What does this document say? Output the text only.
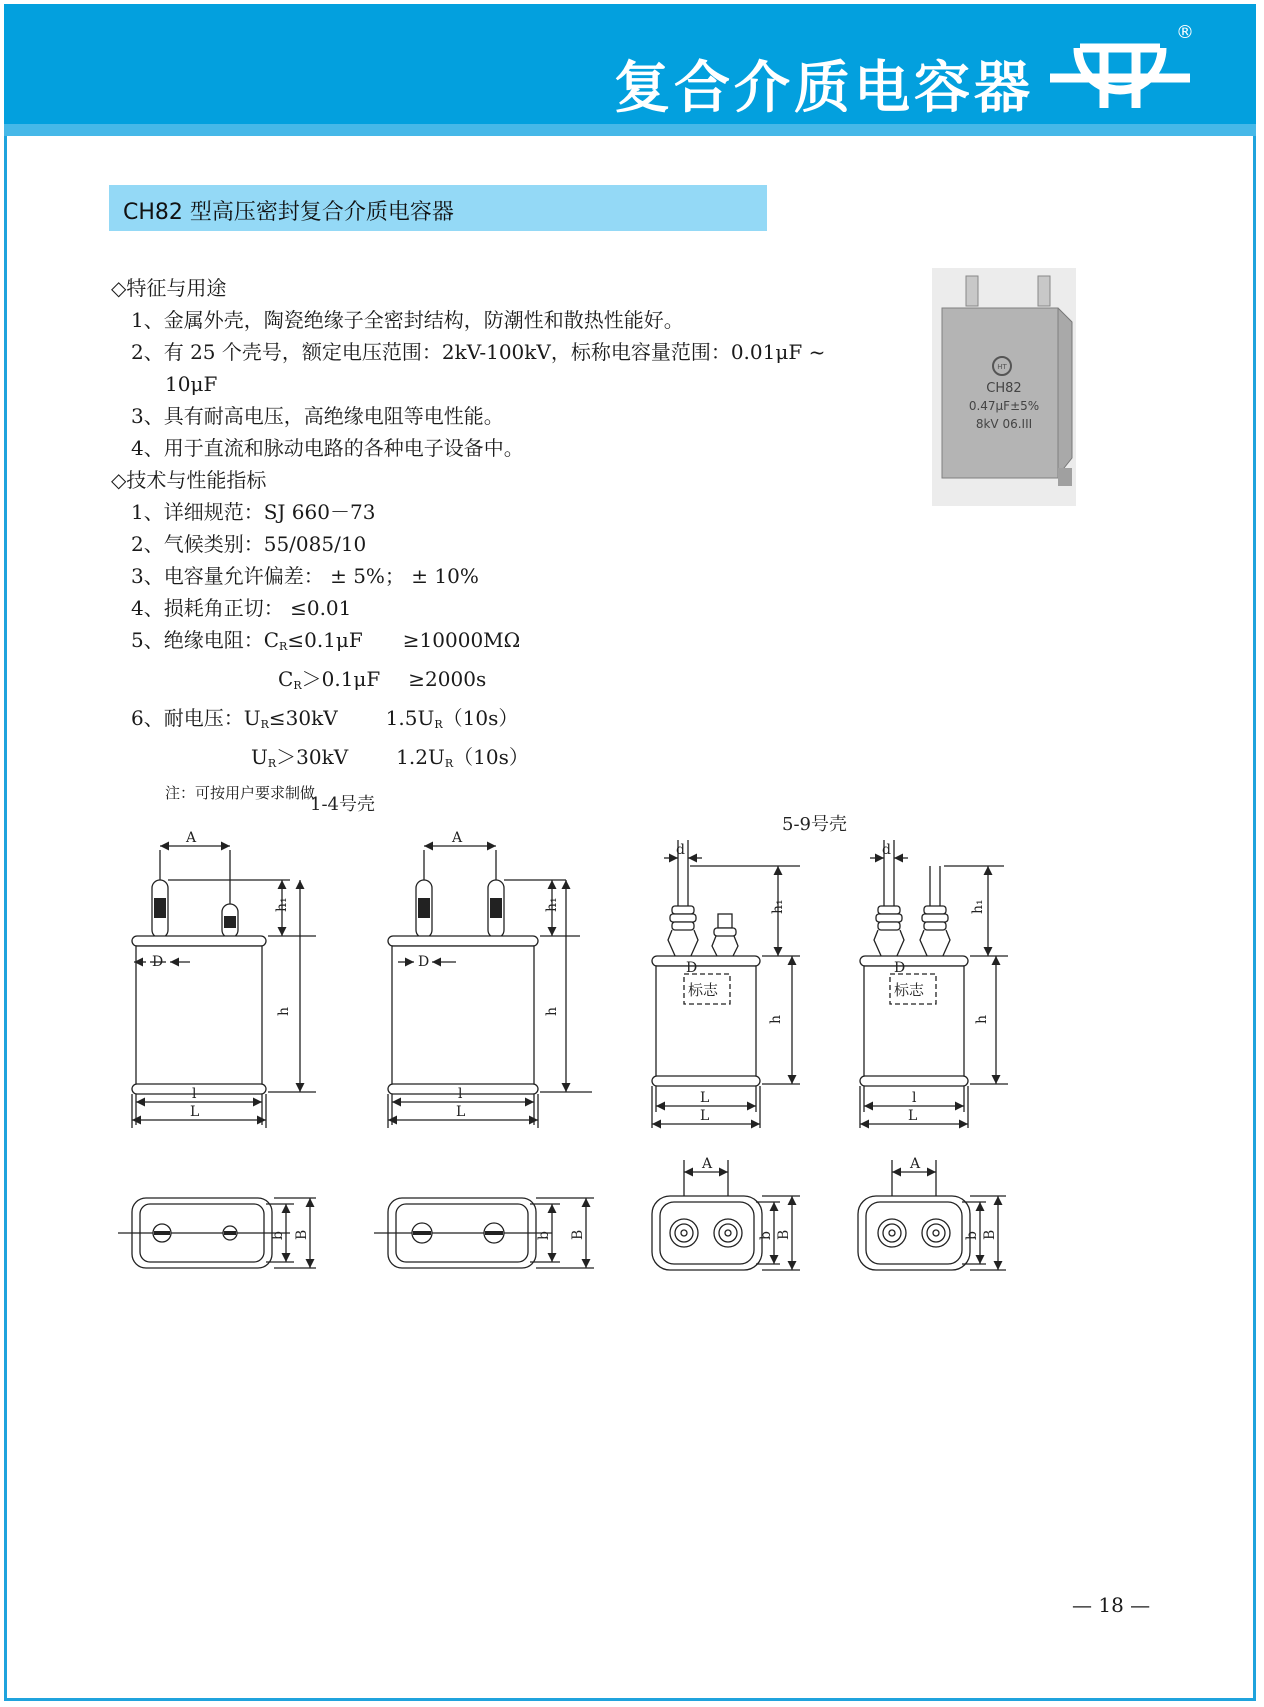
复合介质电容器
®
CH82 型高压密封复合介质电容器
HT
CH82
0.47μF±5%
8kV 06.III
◇特征与用途
1、金属外壳，陶瓷绝缘子全密封结构，防潮性和散热性能好。
2、有 25 个壳号，额定电压范围：2kV-100kV，标称电容量范围：0.01μF ~
10μF
3、具有耐高电压，高绝缘电阻等电性能。
4、用于直流和脉动电路的各种电子设备中。
◇技术与性能指标
1、详细规范：SJ 660－73
2、气候类别：55/085/10
3、电容量允许偏差： ± 5%； ± 10%
4、损耗角正切： ≤0.01
5、绝缘电阻：$C_R\le 0.1\mu F \ge 10000M\Omega$
$C_R>0.1\mu F \ge 2000s$
6、耐电压：$U_R\le 30kV$ $1.5U_R(10s)$
$U_R>30kV$ $1.2U_R(10s)$
注：可按用户要求制做
1-4号壳
5-9号壳
A
h₁
h
D
l
L
A
h₁
h
D
l
L
d
标志
D
h₁
h
L
L
d
标志
D
h₁
h
l
L
b B	b B
A
b B
A
b B
— 18 —
